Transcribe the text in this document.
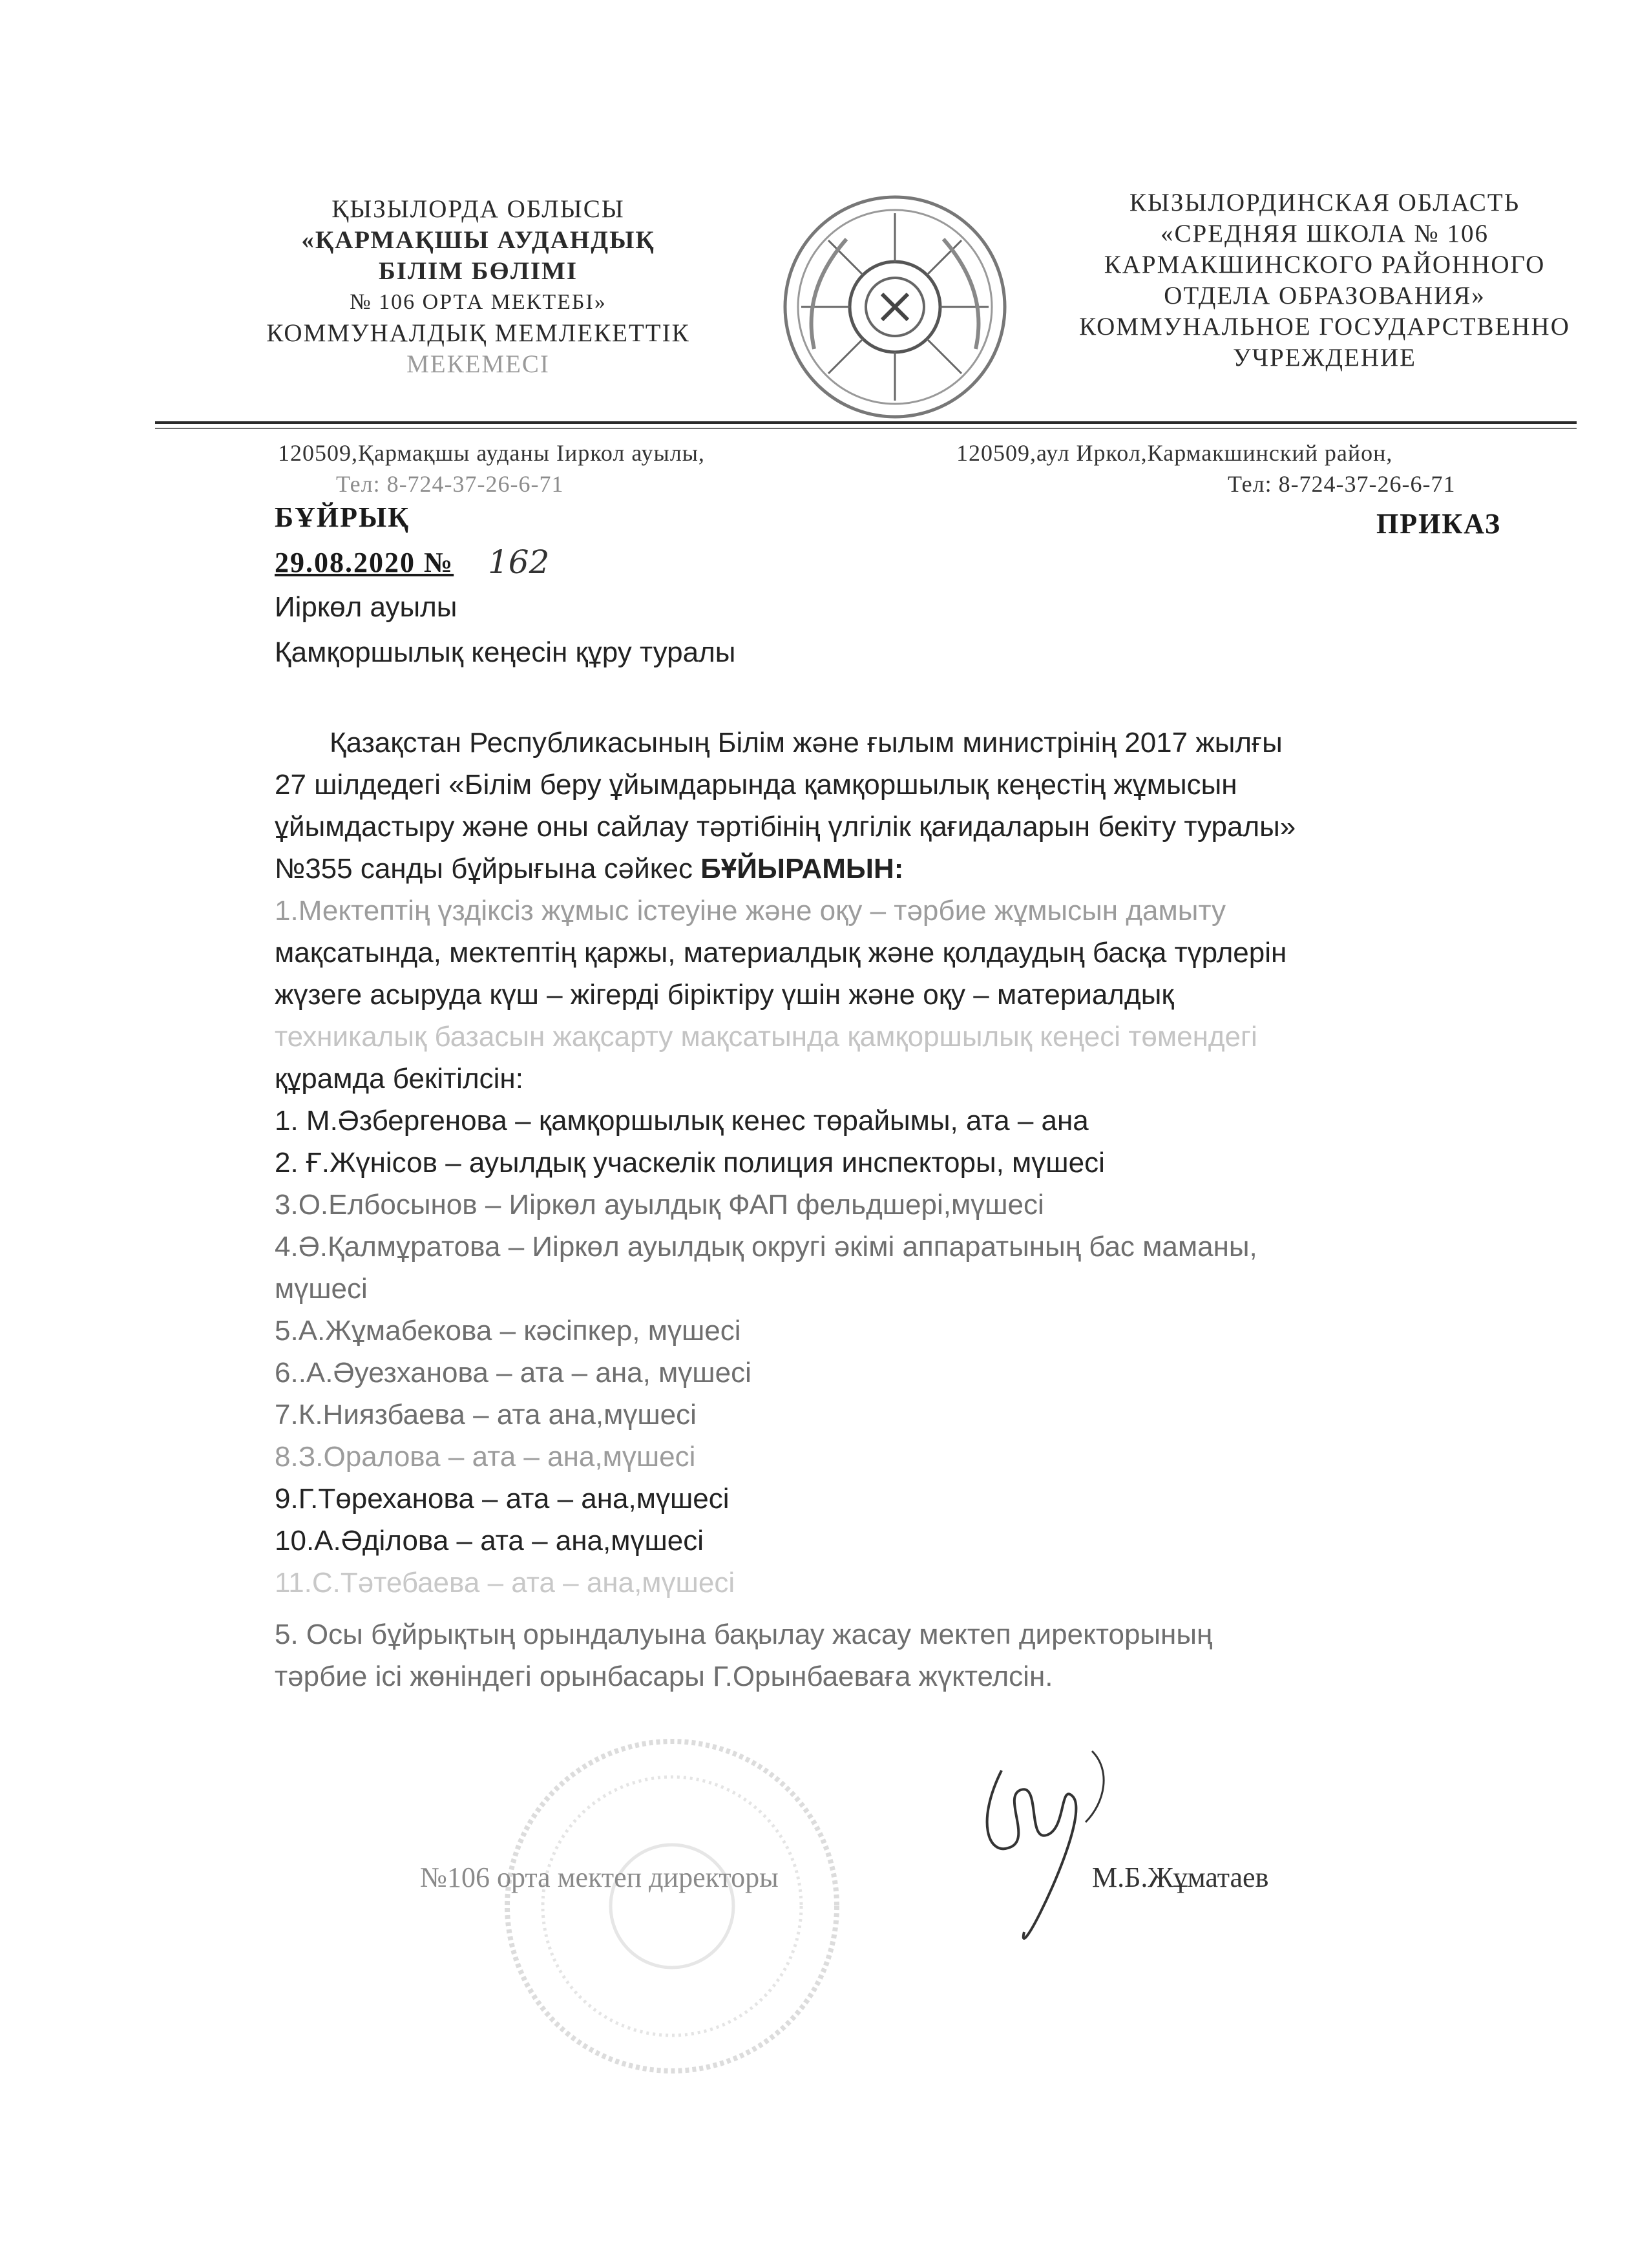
ҚЫЗЫЛОРДА ОБЛЫСЫ
«ҚАРМАҚШЫ АУДАНДЫҚ
БІЛІМ БӨЛІМІ
№ 106 ОРТА МЕКТЕБІ»
КОММУНАЛДЫҚ МЕМЛЕКЕТТІК
МЕКЕМЕСІ
КЫЗЫЛОРДИНСКАЯ ОБЛАСТЬ
«СРЕДНЯЯ ШКОЛА № 106
КАРМАКШИНСКОГО РАЙОННОГО
ОТДЕЛА ОБРАЗОВАНИЯ»
КОММУНАЛЬНОЕ ГОСУДАРСТВЕННО
УЧРЕЖДЕНИЕ
120509,Қармақшы ауданы Іиркол ауылы,
Тел: 8-724-37-26-6-71
120509,аул Иркол,Кармакшинский район,
Тел: 8-724-37-26-6-71
БҰЙРЫҚ	ПРИКАЗ
29.08.2020 № 162
Иіркөл ауылы
Қамқоршылық кеңесін құру туралы
Қазақстан Республикасының Білім және ғылым министрінің 2017 жылғы
27 шілдедегі «Білім беру ұйымдарында қамқоршылық кеңестің жұмысын
ұйымдастыру және оны сайлау тәртібінің үлгілік қағидаларын бекіту туралы»
№355 санды бұйрығына сәйкес БҰЙЫРАМЫН:
1.Мектептің үздіксіз жұмыс істеуіне және оқу – тәрбие жұмысын дамыту
мақсатында, мектептің қаржы, материалдық және қолдаудың басқа түрлерін
жүзеге асыруда күш – жігерді біріктіру үшін және оқу – материалдық
техникалық базасын жақсарту мақсатында қамқоршылық кеңесі төмендегі
құрамда бекітілсін:
1. М.Әзбергенова – қамқоршылық кенес төрайымы, ата – ана
2. Ғ.Жүнісов – ауылдық учаскелік полиция инспекторы, мүшесі
3.О.Елбосынов – Иіркөл ауылдық ФАП фельдшері,мүшесі
4.Ә.Қалмұратова – Иіркөл ауылдық округі әкімі аппаратының бас маманы,
мүшесі
5.А.Жұмабекова – кәсіпкер, мүшесі
6..А.Әуезханова – ата – ана, мүшесі
7.К.Ниязбаева – ата ана,мүшесі
8.З.Оралова – ата – ана,мүшесі
9.Г.Төреханова – ата – ана,мүшесі
10.А.Әділова – ата – ана,мүшесі
11.С.Тәтебаева – ата – ана,мүшесі
5. Осы бұйрықтың орындалуына бақылау жасау мектеп директорының
тәрбие ісі жөніндегі орынбасары Г.Орынбаеваға жүктелсін.
№106 орта мектеп директоры	М.Б.Жұматаев
